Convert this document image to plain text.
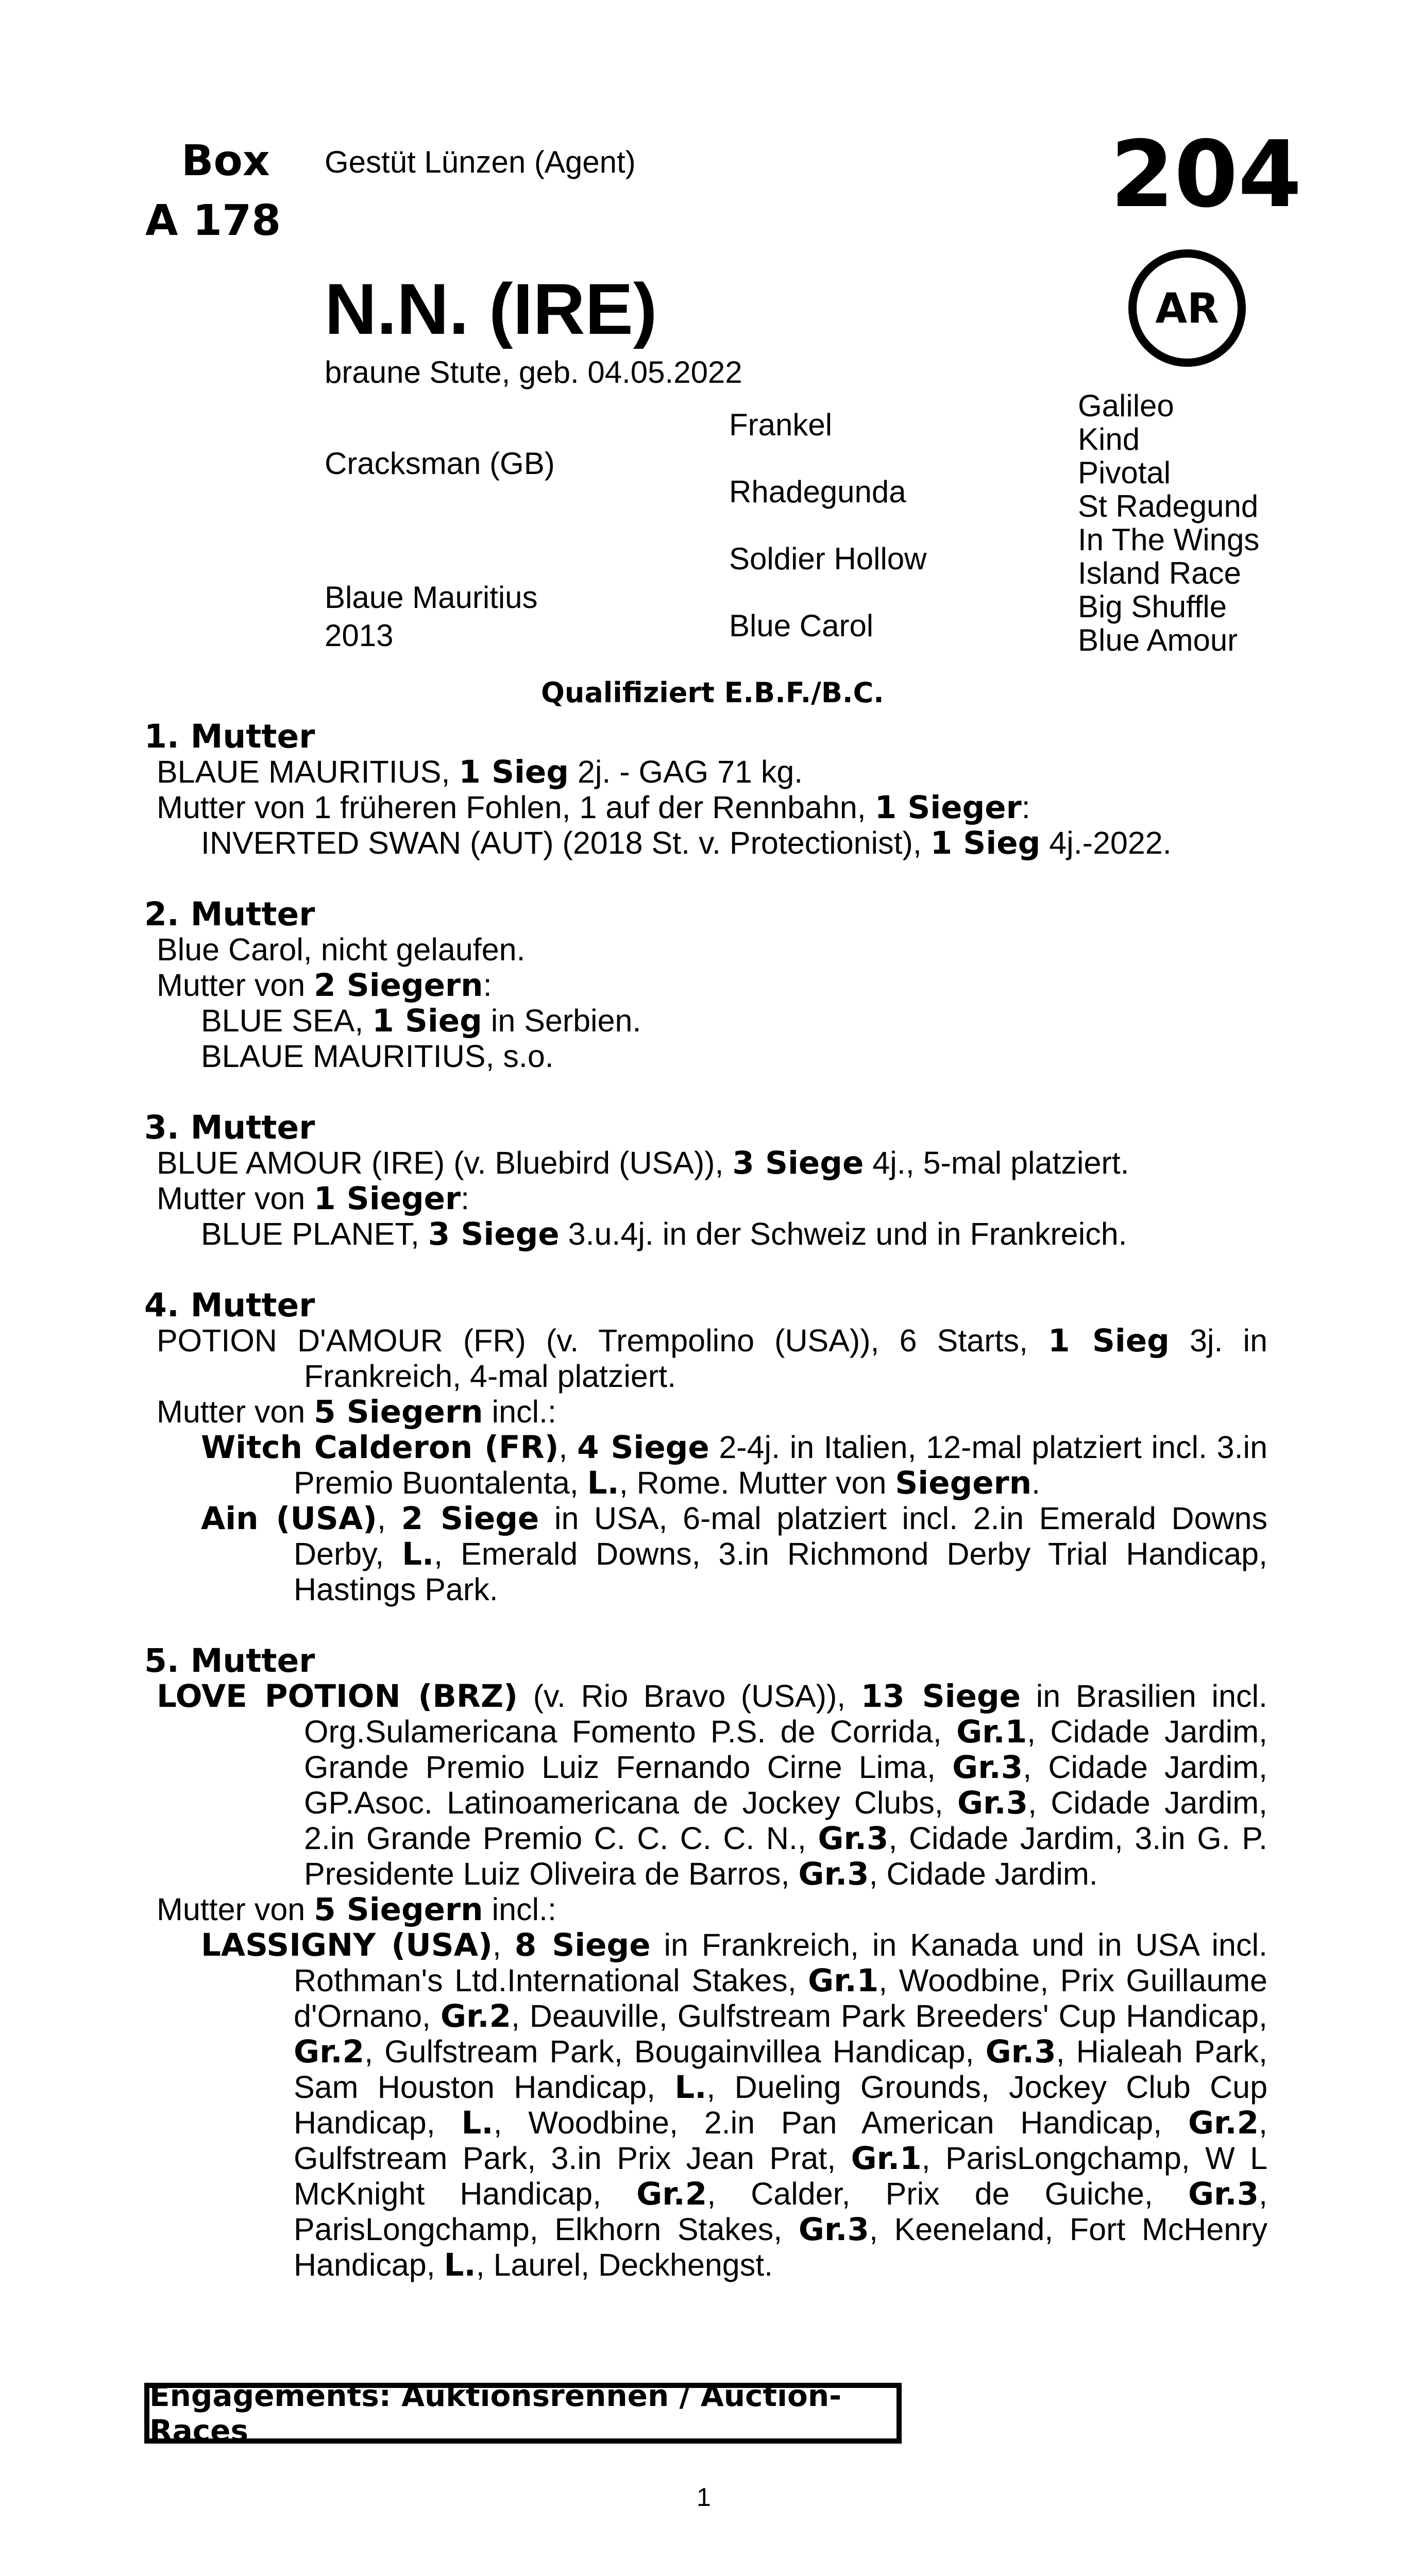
Box
A 178
Gestüt Lünzen (Agent)	204
N.N. (IRE)	AR
braune Stute, geb. 04.05.2022
Cracksman (GB)
Blaue Mauritius
2013
Frankel
Rhadegunda
Soldier Hollow
Blue Carol
Galileo
Kind
Pivotal
St Radegund
In The Wings
Island Race
Big Shuffle
Blue Amour
Qualifiziert E.B.F./B.C.
1. Mutter
BLAUE MAURITIUS, 1 Sieg 2j. - GAG 71 kg.
Mutter von 1 früheren Fohlen, 1 auf der Rennbahn, 1 Sieger:
INVERTED SWAN (AUT) (2018 St. v. Protectionist), 1 Sieg 4j.-2022.
2. Mutter
Blue Carol, nicht gelaufen.
Mutter von 2 Siegern:
BLUE SEA, 1 Sieg in Serbien.
BLAUE MAURITIUS, s.o.
3. Mutter
BLUE AMOUR (IRE) (v. Bluebird (USA)), 3 Siege 4j., 5-mal platziert.
Mutter von 1 Sieger:
BLUE PLANET, 3 Siege 3.u.4j. in der Schweiz und in Frankreich.
4. Mutter
POTION D'AMOUR (FR) (v. Trempolino (USA)), 6 Starts, 1 Sieg 3j. in Frankreich, 4-mal platziert.
Mutter von 5 Siegern incl.:
Witch Calderon (FR), 4 Siege 2-4j. in Italien, 12-mal platziert incl. 3.in Premio Buontalenta, L., Rome. Mutter von Siegern.
Ain (USA), 2 Siege in USA, 6-mal platziert incl. 2.in Emerald Downs Derby, L., Emerald Downs, 3.in Richmond Derby Trial Handicap, Hastings Park.
5. Mutter
LOVE POTION (BRZ) (v. Rio Bravo (USA)), 13 Siege in Brasilien incl. Org.Sulamericana Fomento P.S. de Corrida, Gr.1, Cidade Jardim, Grande Premio Luiz Fernando Cirne Lima, Gr.3, Cidade Jardim, GP.Asoc. Latinoamericana de Jockey Clubs, Gr.3, Cidade Jardim, 2.in Grande Premio C. C. C. C. N., Gr.3, Cidade Jardim, 3.in G. P. Presidente Luiz Oliveira de Barros, Gr.3, Cidade Jardim.
Mutter von 5 Siegern incl.:
LASSIGNY (USA), 8 Siege in Frankreich, in Kanada und in USA incl. Rothman's Ltd.International Stakes, Gr.1, Woodbine, Prix Guillaume d'Ornano, Gr.2, Deauville, Gulfstream Park Breeders' Cup Handicap, Gr.2, Gulfstream Park, Bougainvillea Handicap, Gr.3, Hialeah Park, Sam Houston Handicap, L., Dueling Grounds, Jockey Club Cup Handicap, L., Woodbine, 2.in Pan American Handicap, Gr.2, Gulfstream Park, 3.in Prix Jean Prat, Gr.1, ParisLongchamp, W L McKnight Handicap, Gr.2, Calder, Prix de Guiche, Gr.3, ParisLongchamp, Elkhorn Stakes, Gr.3, Keeneland, Fort McHenry Handicap, L., Laurel, Deckhengst.
Engagements: Auktionsrennen / Auction-Races
1
